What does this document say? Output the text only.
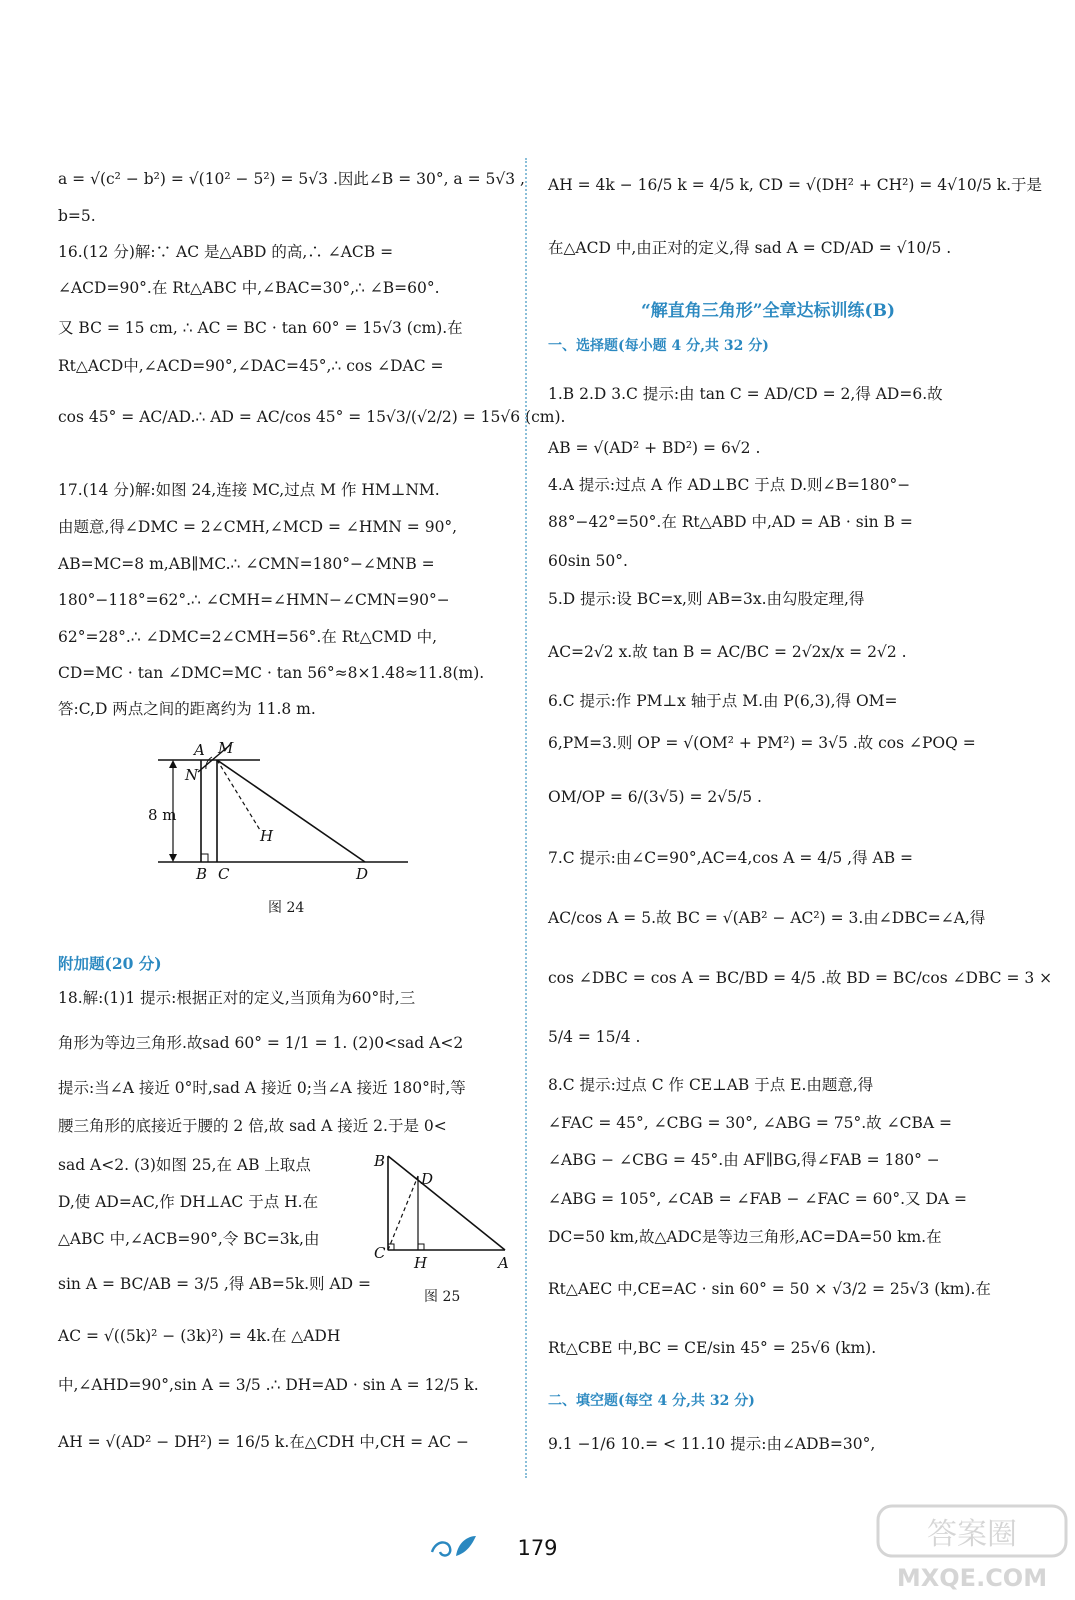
a = √(c² − b²) = √(10² − 5²) = 5√3 .因此∠B = 30°, a = 5√3 ,
b=5.
16.(12 分)解:∵ AC 是△ABD 的高,∴ ∠ACB =
∠ACD=90°.在 Rt△ABC 中,∠BAC=30°,∴ ∠B=60°.
又 BC = 15 cm, ∴ AC = BC · tan 60° = 15√3 (cm).在
Rt△ACD中,∠ACD=90°,∠DAC=45°,∴ cos ∠DAC =
cos 45° = AC/AD.∴ AD = AC/cos 45° = 15√3/(√2/2) = 15√6 (cm).
17.(14 分)解:如图 24,连接 MC,过点 M 作 HM⊥NM.
由题意,得∠DMC = 2∠CMH,∠MCD = ∠HMN = 90°,
AB=MC=8 m,AB∥MC.∴ ∠CMN=180°−∠MNB =
180°−118°=62°.∴ ∠CMH=∠HMN−∠CMN=90°−
62°=28°.∴ ∠DMC=2∠CMH=56°.在 Rt△CMD 中,
CD=MC · tan ∠DMC=MC · tan 56°≈8×1.48≈11.8(m).
答:C,D 两点之间的距离约为 11.8 m.
附加题(20 分)
18.解:(1)1 提示:根据正对的定义,当顶角为60°时,三
角形为等边三角形.故sad 60° = 1/1 = 1. (2)0<sad A<2
提示:当∠A 接近 0°时,sad A 接近 0;当∠A 接近 180°时,等
腰三角形的底接近于腰的 2 倍,故 sad A 接近 2.于是 0<
sad A<2. (3)如图 25,在 AB 上取点
D,使 AD=AC,作 DH⊥AC 于点 H.在
△ABC 中,∠ACB=90°,令 BC=3k,由
sin A = BC/AB = 3/5 ,得 AB=5k.则 AD =
AC = √((5k)² − (3k)²) = 4k.在 △ADH
中,∠AHD=90°,sin A = 3/5 .∴ DH=AD · sin A = 12/5 k.
AH = √(AD² − DH²) = 16/5 k.在△CDH 中,CH = AC −
A M
N
H
B C	D
8 m
图 24
B
D
C
H	A
图 25
AH = 4k − 16/5 k = 4/5 k, CD = √(DH² + CH²) = 4√10/5 k.于是
在△ACD 中,由正对的定义,得 sad A = CD/AD = √10/5 .
一、选择题(每小题 4 分,共 32 分)
1.B 2.D 3.C 提示:由 tan C = AD/CD = 2,得 AD=6.故
AB = √(AD² + BD²) = 6√2 .
4.A 提示:过点 A 作 AD⊥BC 于点 D.则∠B=180°−
88°−42°=50°.在 Rt△ABD 中,AD = AB · sin B =
60sin 50°.
5.D 提示:设 BC=x,则 AB=3x.由勾股定理,得
AC=2√2 x.故 tan B = AC/BC = 2√2x/x = 2√2 .
6.C 提示:作 PM⊥x 轴于点 M.由 P(6,3),得 OM=
6,PM=3.则 OP = √(OM² + PM²) = 3√5 .故 cos ∠POQ =
OM/OP = 6/(3√5) = 2√5/5 .
7.C 提示:由∠C=90°,AC=4,cos A = 4/5 ,得 AB =
AC/cos A = 5.故 BC = √(AB² − AC²) = 3.由∠DBC=∠A,得
cos ∠DBC = cos A = BC/BD = 4/5 .故 BD = BC/cos ∠DBC = 3 ×
5/4 = 15/4 .
8.C 提示:过点 C 作 CE⊥AB 于点 E.由题意,得
∠FAC = 45°, ∠CBG = 30°, ∠ABG = 75°.故 ∠CBA =
∠ABG − ∠CBG = 45°.由 AF∥BG,得∠FAB = 180° −
∠ABG = 105°, ∠CAB = ∠FAB − ∠FAC = 60°.又 DA =
DC=50 km,故△ADC是等边三角形,AC=DA=50 km.在
Rt△AEC 中,CE=AC · sin 60° = 50 × √3/2 = 25√3 (km).在
Rt△CBE 中,BC = CE/sin 45° = 25√6 (km).
二、填空题(每空 4 分,共 32 分)
9.1 −1/6 10.= < 11.10 提示:由∠ADB=30°,
“解直角三角形”全章达标训练(B)
179	答案圈
MXQE.COM
